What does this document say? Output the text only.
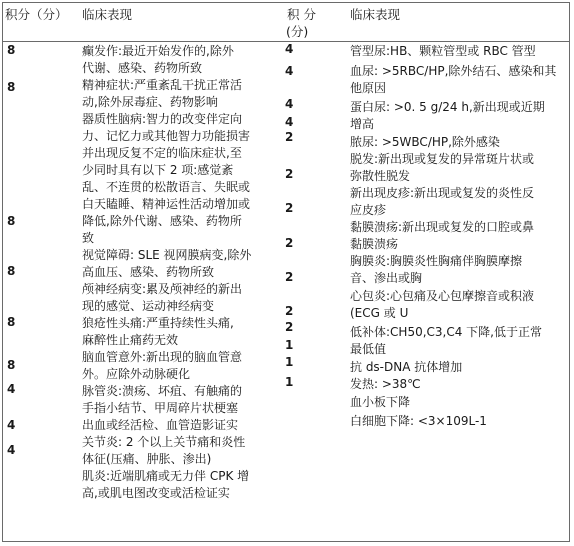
积分（分） 临床表现	积 分
(分)
临床表现
8
8
8
8
8
8
4
4
4
癫发作:最近开始发作的,除外
代谢、感染、药物所致
精神症状:严重紊乱干扰正常活
动,除外尿毒症、药物影响
器质性脑病:智力的改变伴定向
力、记忆力或其他智力功能损害
并出现反复不定的临床症状,至
少同时具有以下 2 项:感觉紊
乱、不连贯的松散语言、失眠或
白天瞌睡、精神运性活动增加或
降低,除外代谢、感染、药物所
致
视觉障碍: SLE 视网膜病变,除外
高血压、感染、药物所致
颅神经病变:累及颅神经的新出
现的感觉、运动神经病变
狼疮性头痛:严重持续性头痛,
麻醉性止痛药无效
脑血管意外:新出现的脑血管意
外。应除外动脉硬化
脉管炎:溃疡、坏疽、有触痛的
手指小结节、甲周碎片状梗塞
出血或经活检、血管造影证实
关节炎: 2 个以上关节痛和炎性
体征(压痛、肿胀、渗出)
肌炎:近端肌痛或无力伴 CPK 增
高,或肌电图改变或活检证实
4
4
4
4
2
2
2
2
2
2
2
1
1
1
管型尿:HB、颗粒管型或 RBC 管型
血尿: >5RBC/HP,除外结石、感染和其
他原因
蛋白尿: >0. 5 g/24 h,新出现或近期
增高
脓尿: >5WBC/HP,除外感染
脱发:新出现或复发的异常斑片状或
弥散性脱发
新出现皮疹:新出现或复发的炎性反
应皮疹
黏膜溃疡:新出现或复发的口腔或鼻
黏膜溃疡
胸膜炎:胸膜炎性胸痛伴胸膜摩擦
音、渗出或胸
心包炎:心包痛及心包摩擦音或积液
(ECG 或 U
低补体:CH50,C3,C4 下降,低于正常
最低值
抗 ds-DNA 抗体增加
发热: >38℃
血小板下降
白细胞下降: <3×109L-1
